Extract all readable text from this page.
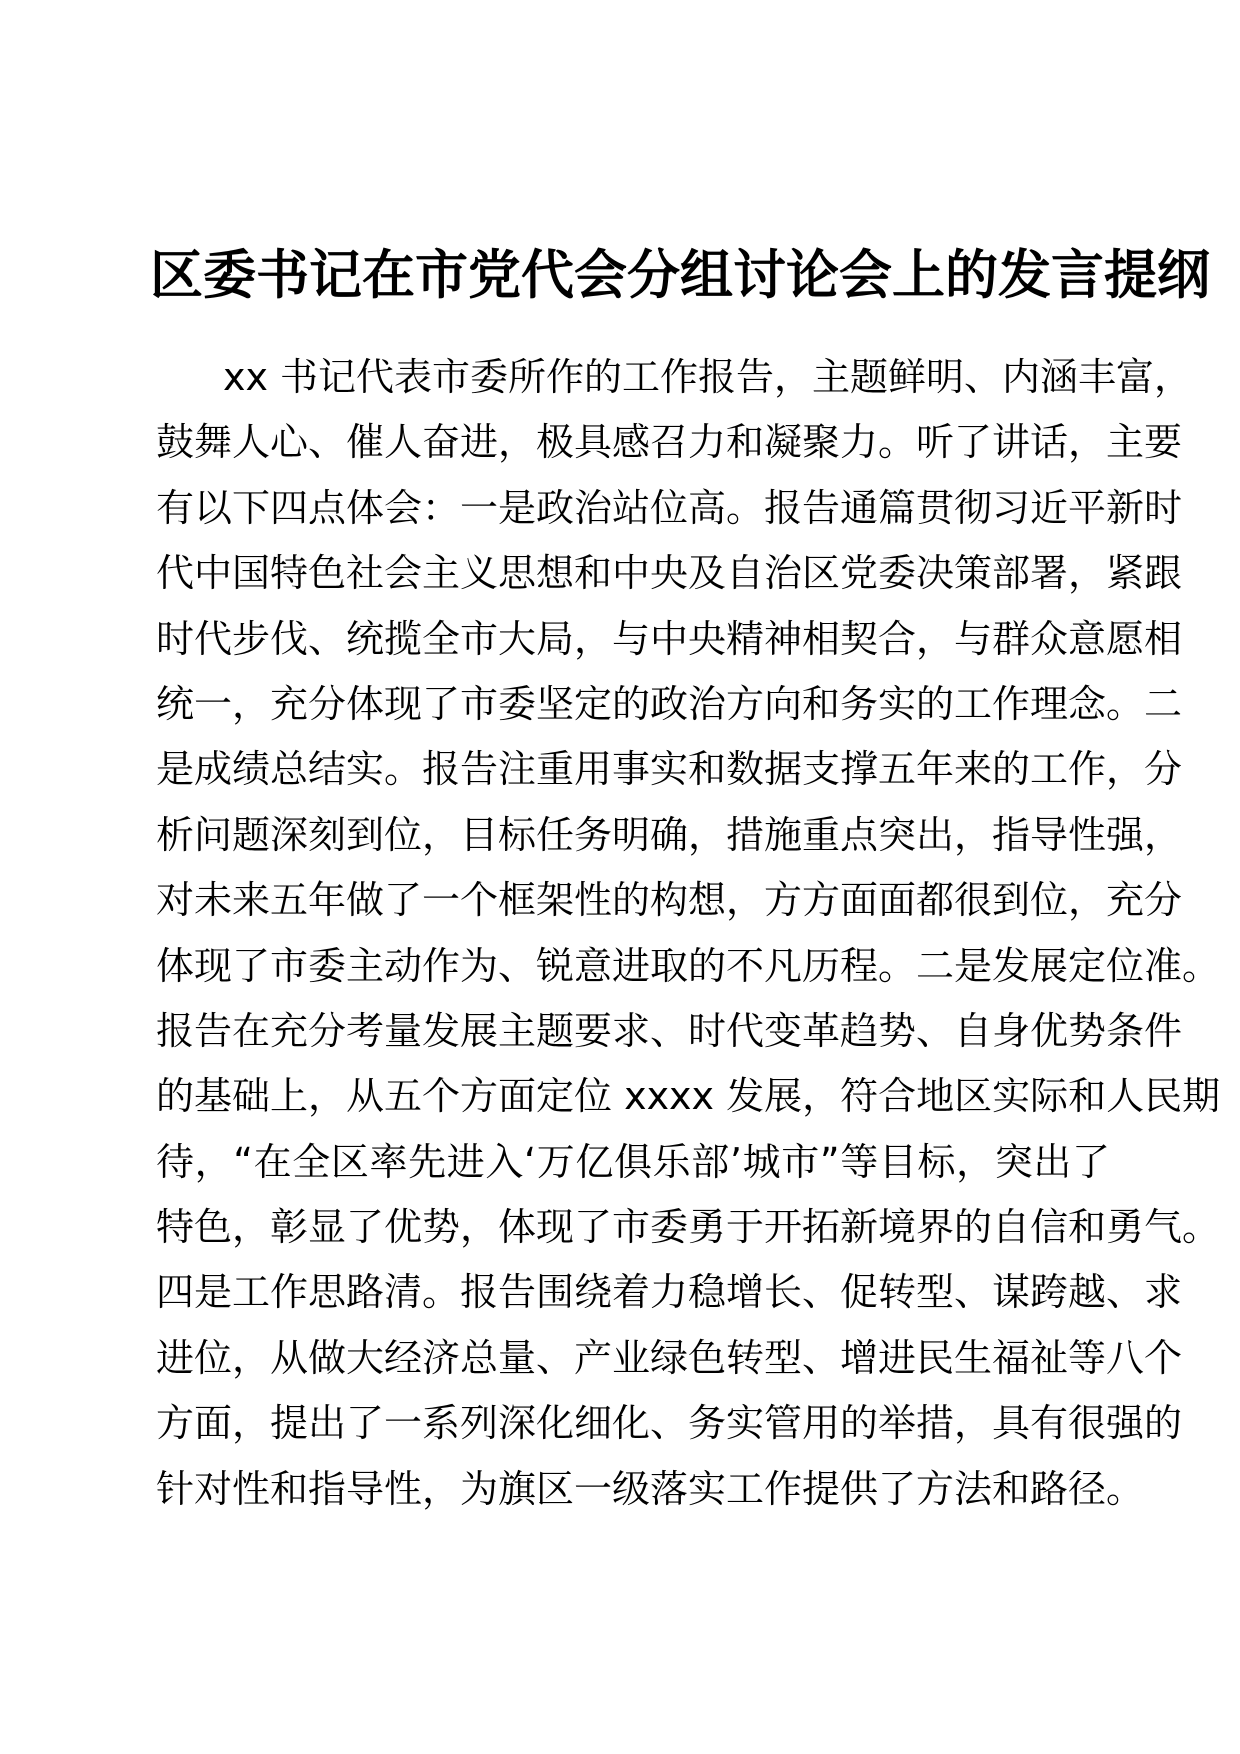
区委书记在市党代会分组讨论会上的发言提纲
xx 书记代表市委所作的工作报告，主题鲜明、内涵丰富，
鼓舞人心、催人奋进，极具感召力和凝聚力。听了讲话，主要
有以下四点体会：一是政治站位高。报告通篇贯彻习近平新时
代中国特色社会主义思想和中央及自治区党委决策部署，紧跟
时代步伐、统揽全市大局，与中央精神相契合，与群众意愿相
统一，充分体现了市委坚定的政治方向和务实的工作理念。二
是成绩总结实。报告注重用事实和数据支撑五年来的工作，分
析问题深刻到位，目标任务明确，措施重点突出，指导性强，
对未来五年做了一个框架性的构想，方方面面都很到位，充分
体现了市委主动作为、锐意进取的不凡历程。二是发展定位准。
报告在充分考量发展主题要求、时代变革趋势、自身优势条件
的基础上，从五个方面定位 xxxx 发展，符合地区实际和人民期
待，“在全区率先进入‘万亿俱乐部’城市”等目标，突出了
特色，彰显了优势，体现了市委勇于开拓新境界的自信和勇气。
四是工作思路清。报告围绕着力稳增长、促转型、谋跨越、求
进位，从做大经济总量、产业绿色转型、增进民生福祉等八个
方面，提出了一系列深化细化、务实管用的举措，具有很强的
针对性和指导性，为旗区一级落实工作提供了方法和路径。
